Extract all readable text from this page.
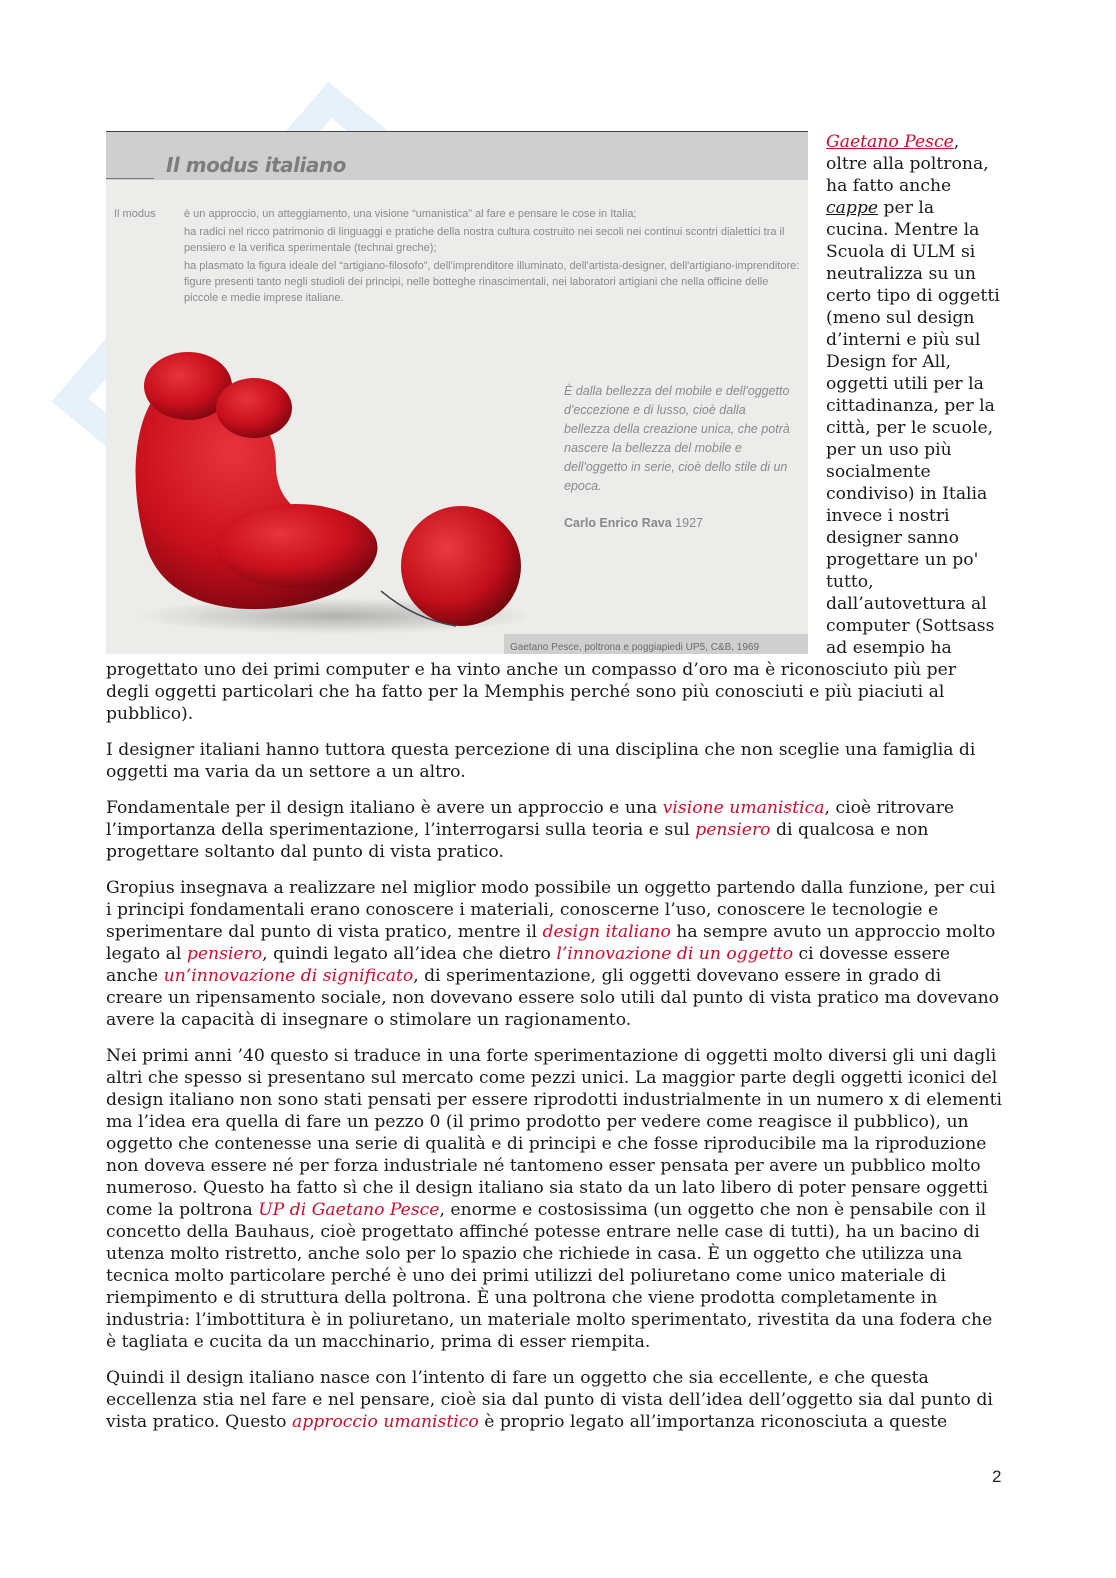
Il modus italiano
Il modus	è un approccio, un atteggiamento, una visione “umanistica” al fare e pensare le cose in Italia;

ha radici nel ricco patrimonio di linguaggi e pratiche della nostra cultura costruito nei secoli nei continui scontri dialettici tra il pensiero e la verifica sperimentale (technai greche);

ha plasmato la figura ideale del “artigiano-filosofo”, dell'imprenditore illuminato, dell'artista-designer, dell'artigiano-imprenditore: figure presenti tanto negli studioli dei principi, nelle botteghe rinascimentali, nei laboratori artigiani che nella officine delle piccole e medie imprese italiane.

È dalla bellezza del mobile e dell'oggetto d'eccezione e di lusso, cioè dalla bellezza della creazione unica, che potrà nascere la bellezza del mobile e dell'oggetto in serie, cioè dello stile di un epoca.
Carlo Enrico Rava 1927
Gaetano Pesce, poltrona e poggiapiedi UP5, C&B, 1969

Gaetano Pesce, oltre alla poltrona, ha fatto anche cappe per la cucina. Mentre la Scuola di ULM si neutralizza su un certo tipo di oggetti (meno sul design d’interni e più sul Design for All, oggetti utili per la cittadinanza, per la città, per le scuole, per un uso più socialmente condiviso) in Italia invece i nostri designer sanno progettare un po' tutto, dall’autovettura al computer (Sottsass ad esempio ha progettato uno dei primi computer e ha vinto anche un compasso d’oro ma è riconosciuto più per degli oggetti particolari che ha fatto per la Memphis perché sono più conosciuti e più piaciuti al pubblico).

I designer italiani hanno tuttora questa percezione di una disciplina che non sceglie una famiglia di oggetti ma varia da un settore a un altro.

Fondamentale per il design italiano è avere un approccio e una visione umanistica, cioè ritrovare l’importanza della sperimentazione, l’interrogarsi sulla teoria e sul pensiero di qualcosa e non progettare soltanto dal punto di vista pratico.

Gropius insegnava a realizzare nel miglior modo possibile un oggetto partendo dalla funzione, per cui i principi fondamentali erano conoscere i materiali, conoscerne l’uso, conoscere le tecnologie e sperimentare dal punto di vista pratico, mentre il design italiano ha sempre avuto un approccio molto legato al pensiero, quindi legato all’idea che dietro l’innovazione di un oggetto ci dovesse essere anche un’innovazione di significato, di sperimentazione, gli oggetti dovevano essere in grado di creare un ripensamento sociale, non dovevano essere solo utili dal punto di vista pratico ma dovevano avere la capacità di insegnare o stimolare un ragionamento.

Nei primi anni ’40 questo si traduce in una forte sperimentazione di oggetti molto diversi gli uni dagli altri che spesso si presentano sul mercato come pezzi unici. La maggior parte degli oggetti iconici del design italiano non sono stati pensati per essere riprodotti industrialmente in un numero x di elementi ma l’idea era quella di fare un pezzo 0 (il primo prodotto per vedere come reagisce il pubblico), un oggetto che contenesse una serie di qualità e di principi e che fosse riproducibile ma la riproduzione non doveva essere né per forza industriale né tantomeno esser pensata per avere un pubblico molto numeroso. Questo ha fatto sì che il design italiano sia stato da un lato libero di poter pensare oggetti come la poltrona UP di Gaetano Pesce, enorme e costosissima (un oggetto che non è pensabile con il concetto della Bauhaus, cioè progettato affinché potesse entrare nelle case di tutti), ha un bacino di utenza molto ristretto, anche solo per lo spazio che richiede in casa. È un oggetto che utilizza una tecnica molto particolare perché è uno dei primi utilizzi del poliuretano come unico materiale di riempimento e di struttura della poltrona. È una poltrona che viene prodotta completamente in industria: l’imbottitura è in poliuretano, un materiale molto sperimentato, rivestita da una fodera che è tagliata e cucita da un macchinario, prima di esser riempita.

Quindi il design italiano nasce con l’intento di fare un oggetto che sia eccellente, e che questa eccellenza stia nel fare e nel pensare, cioè sia dal punto di vista dell’idea dell’oggetto sia dal punto di vista pratico. Questo approccio umanistico è proprio legato all’importanza riconosciuta a queste

2
